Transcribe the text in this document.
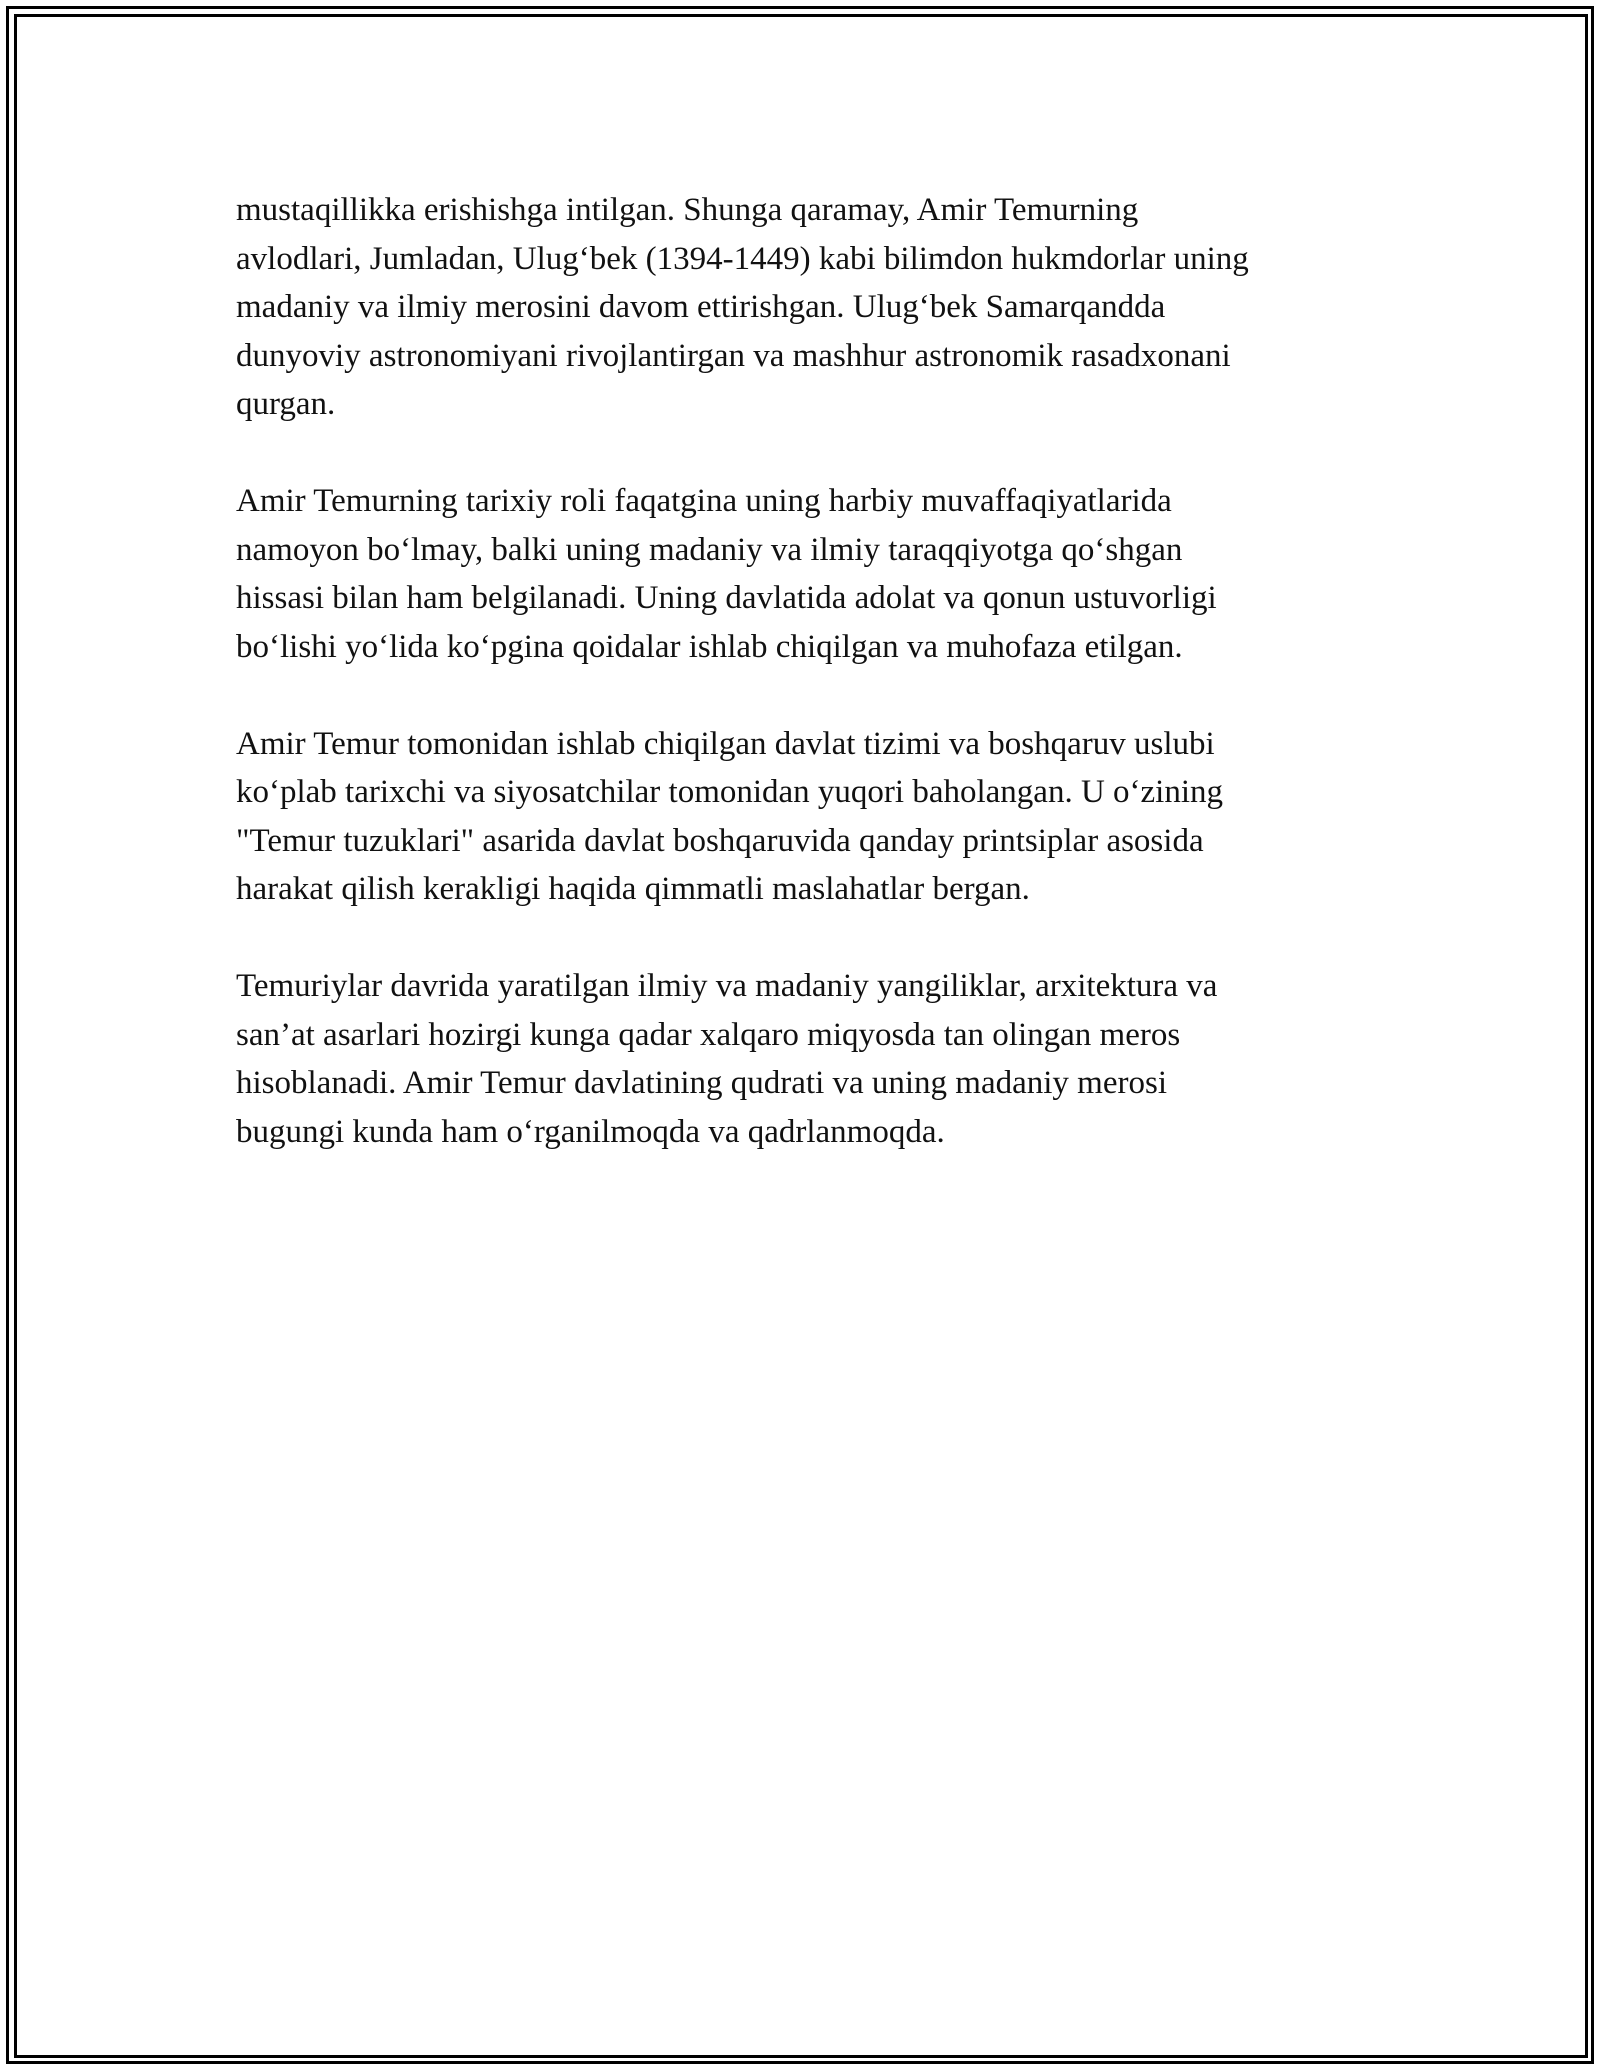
mustaqillikka erishishga intilgan. Shunga qaramay, Amir Temurning
avlodlari, Jumladan, Ulug‘bek (1394-1449) kabi bilimdon hukmdorlar uning
madaniy va ilmiy merosini davom ettirishgan. Ulug‘bek Samarqandda
dunyoviy astronomiyani rivojlantirgan va mashhur astronomik rasadxonani
qurgan.

Amir Temurning tarixiy roli faqatgina uning harbiy muvaffaqiyatlarida
namoyon bo‘lmay, balki uning madaniy va ilmiy taraqqiyotga qo‘shgan
hissasi bilan ham belgilanadi. Uning davlatida adolat va qonun ustuvorligi
bo‘lishi yo‘lida ko‘pgina qoidalar ishlab chiqilgan va muhofaza etilgan.

Amir Temur tomonidan ishlab chiqilgan davlat tizimi va boshqaruv uslubi
ko‘plab tarixchi va siyosatchilar tomonidan yuqori baholangan. U o‘zining
"Temur tuzuklari" asarida davlat boshqaruvida qanday printsiplar asosida
harakat qilish kerakligi haqida qimmatli maslahatlar bergan.

Temuriylar davrida yaratilgan ilmiy va madaniy yangiliklar, arxitektura va
san’at asarlari hozirgi kunga qadar xalqaro miqyosda tan olingan meros
hisoblanadi. Amir Temur davlatining qudrati va uning madaniy merosi
bugungi kunda ham o‘rganilmoqda va qadrlanmoqda.
